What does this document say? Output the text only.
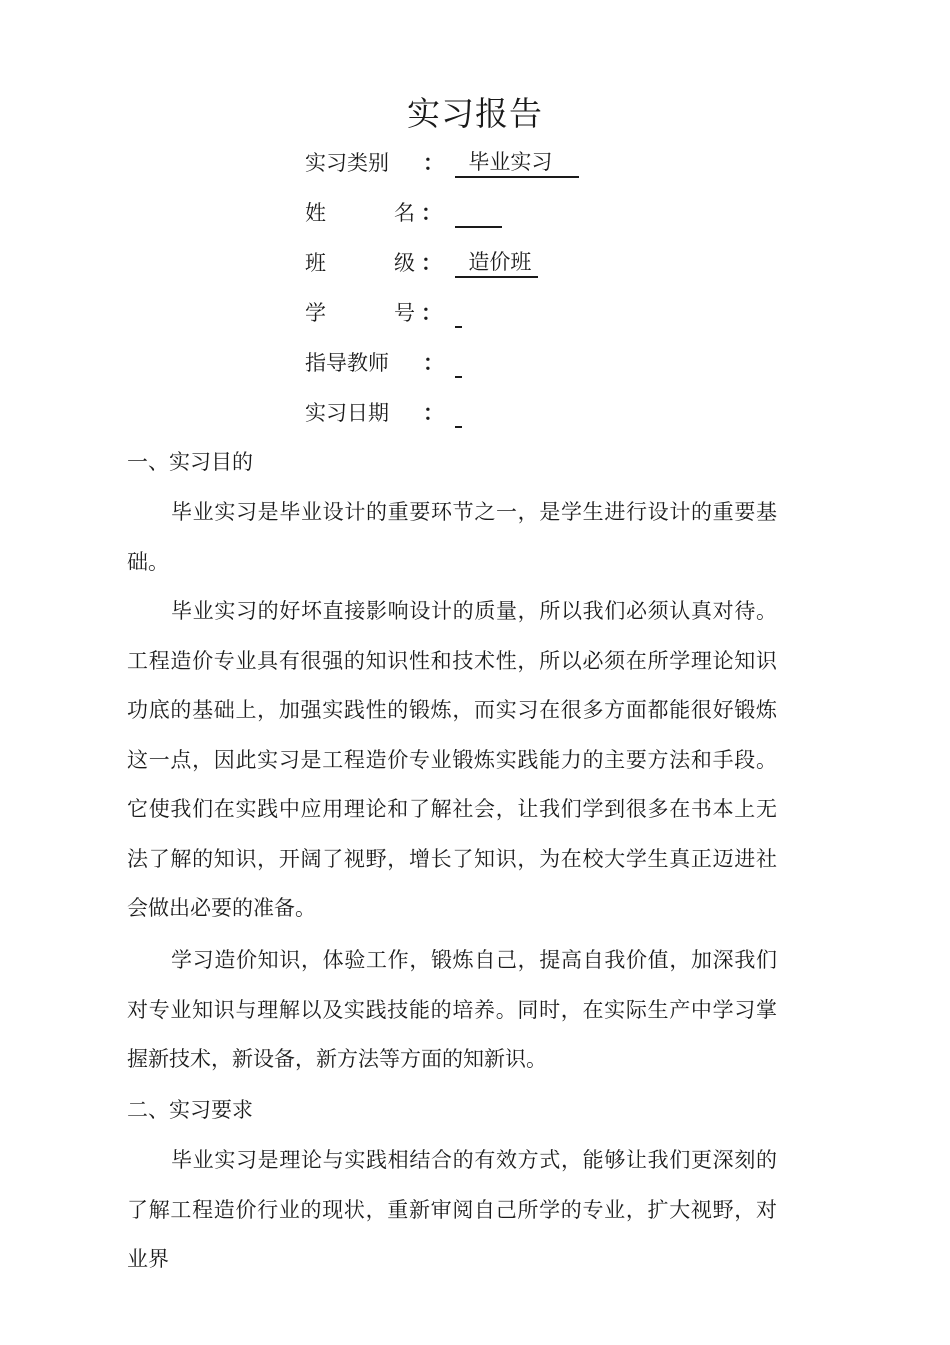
实习报告
实习类别 ： 毕业实习
姓	名 ：

班	级 ： 造价班
学	号 ：

指导教师 ：

实习日期 ：

一、实习目的
毕业实习是毕业设计的重要环节之一，是学生进行设计的重要基础。
毕业实习的好坏直接影响设计的质量，所以我们必须认真对待。工程造价专业具有很强的知识性和技术性，所以必须在所学理论知识功底的基础上，加强实践性的锻炼，而实习在很多方面都能很好锻炼这一点，因此实习是工程造价专业锻炼实践能力的主要方法和手段。它使我们在实践中应用理论和了解社会，让我们学到很多在书本上无法了解的知识，开阔了视野，增长了知识，为在校大学生真正迈进社会做出必要的准备。
学习造价知识，体验工作，锻炼自己，提高自我价值，加深我们对专业知识与理解以及实践技能的培养。同时，在实际生产中学习掌握新技术，新设备，新方法等方面的知新识。
二、实习要求
毕业实习是理论与实践相结合的有效方式，能够让我们更深刻的了解工程造价行业的现状，重新审阅自己所学的专业，扩大视野，对业界
